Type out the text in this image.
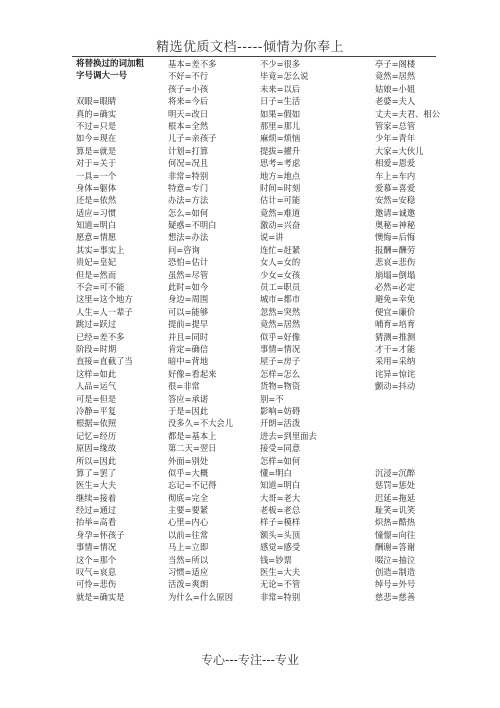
精选优质文档-----倾情为你奉上
将替换过的词加粗
字号调大一号
双眼=眼睛
真的=确实
不过=只是
如今=现在
算是=就是
对于=关于
一具=一个
身体=躯体
还是=依然
适应=习惯
知道=明白
愿意=情愿
其实=事实上
贵妃=皇妃
但是=然而
不会=可不能
这里=这个地方
人生=人一辈子
跳过=跃过
已经=差不多
阶段=时期
直接=直截了当
这样=如此
人品=运气
可是=但是
冷静=平复
根据=依照
记忆=经历
原因=缘故
所以=因此
算了=罢了
医生=大夫
继续=接着
经过=通过
抬举=高看
身孕=怀孩子
事情=情况
这个=那个
叹气=哀息
可怜=悲伤
就是=确实是
基本=差不多
不好=不行
孩子=小孩
将来=今后
明天=改日
根本=全然
儿子=亲孩子
计划=打算
何况=况且
非常=特别
特意=专门
办法=方法
怎么=如何
疑惑=不明白
想法=办法
问=咨询
恐怕=估计
虽然=尽管
此时=如今
身边=周围
可以=能够
提前=提早
并且=同时
肯定=确信
暗中=背地
好像=看起来
很=非常
答应=承诺
于是=因此
没多久=不大会儿
都是=基本上
第二天=翌日
外面=别处
似乎=大概
忘记=不记得
彻底=完全
主要=要紧
心里=内心
以前=往常
马上=立即
当然=所以
习惯=适应
活泼=爽朗
为什么=什么原因
不少=很多
毕竟=怎么说
未来=以后
日子=生活
如果=假如
那里=那儿
麻烦=烦恼
提拔=擢升
思考=考虑
地方=地点
时间=时刻
估计=可能
竟然=难道
激动=兴奋
说=讲
连忙=赶紧
女人=女的
少女=女孩
员工=职员
城市=都市
忽然=突然
竟然=居然
似乎=好像
事情=情况
屋子=房子
怎样=怎么
货物=物资
别=不
影响=妨碍
开朗=活泼
进去=到里面去
接受=同意
怎样=如何
懂=明白
知道=明白
大哥=老大
老板=老总
样子=模样
额头=头顶
感觉=感受
钱=钞票
医生=大夫
无论=不管
非常=特别
亭子=阁楼
竟然=居然
姑娘=小姐
老婆=夫人
丈夫=夫君、相公
管家=总管
少年=青年
大家=大伙儿
相爱=恩爱
车上=车内
爱慕=喜爱
安然=安稳
邀请=诚邀
奥秘=神秘
懊悔=后悔
报酬=酬劳
悲哀=悲伤
崩塌=倒塌
必然=必定
避免=幸免
便宜=廉价
哺育=培育
猜测=推测
才干=才能
采用=采纳
诧异=惊诧
颤动=抖动
沉浸=沉醉
惩罚=惩处
迟延=拖延
耻笑=讥笑
炽热=酷热
憧憬=向往
酬谢=答谢
啜泣=抽泣
创造=制造
绰号=外号
慈悲=慈善
专心---专注---专业
